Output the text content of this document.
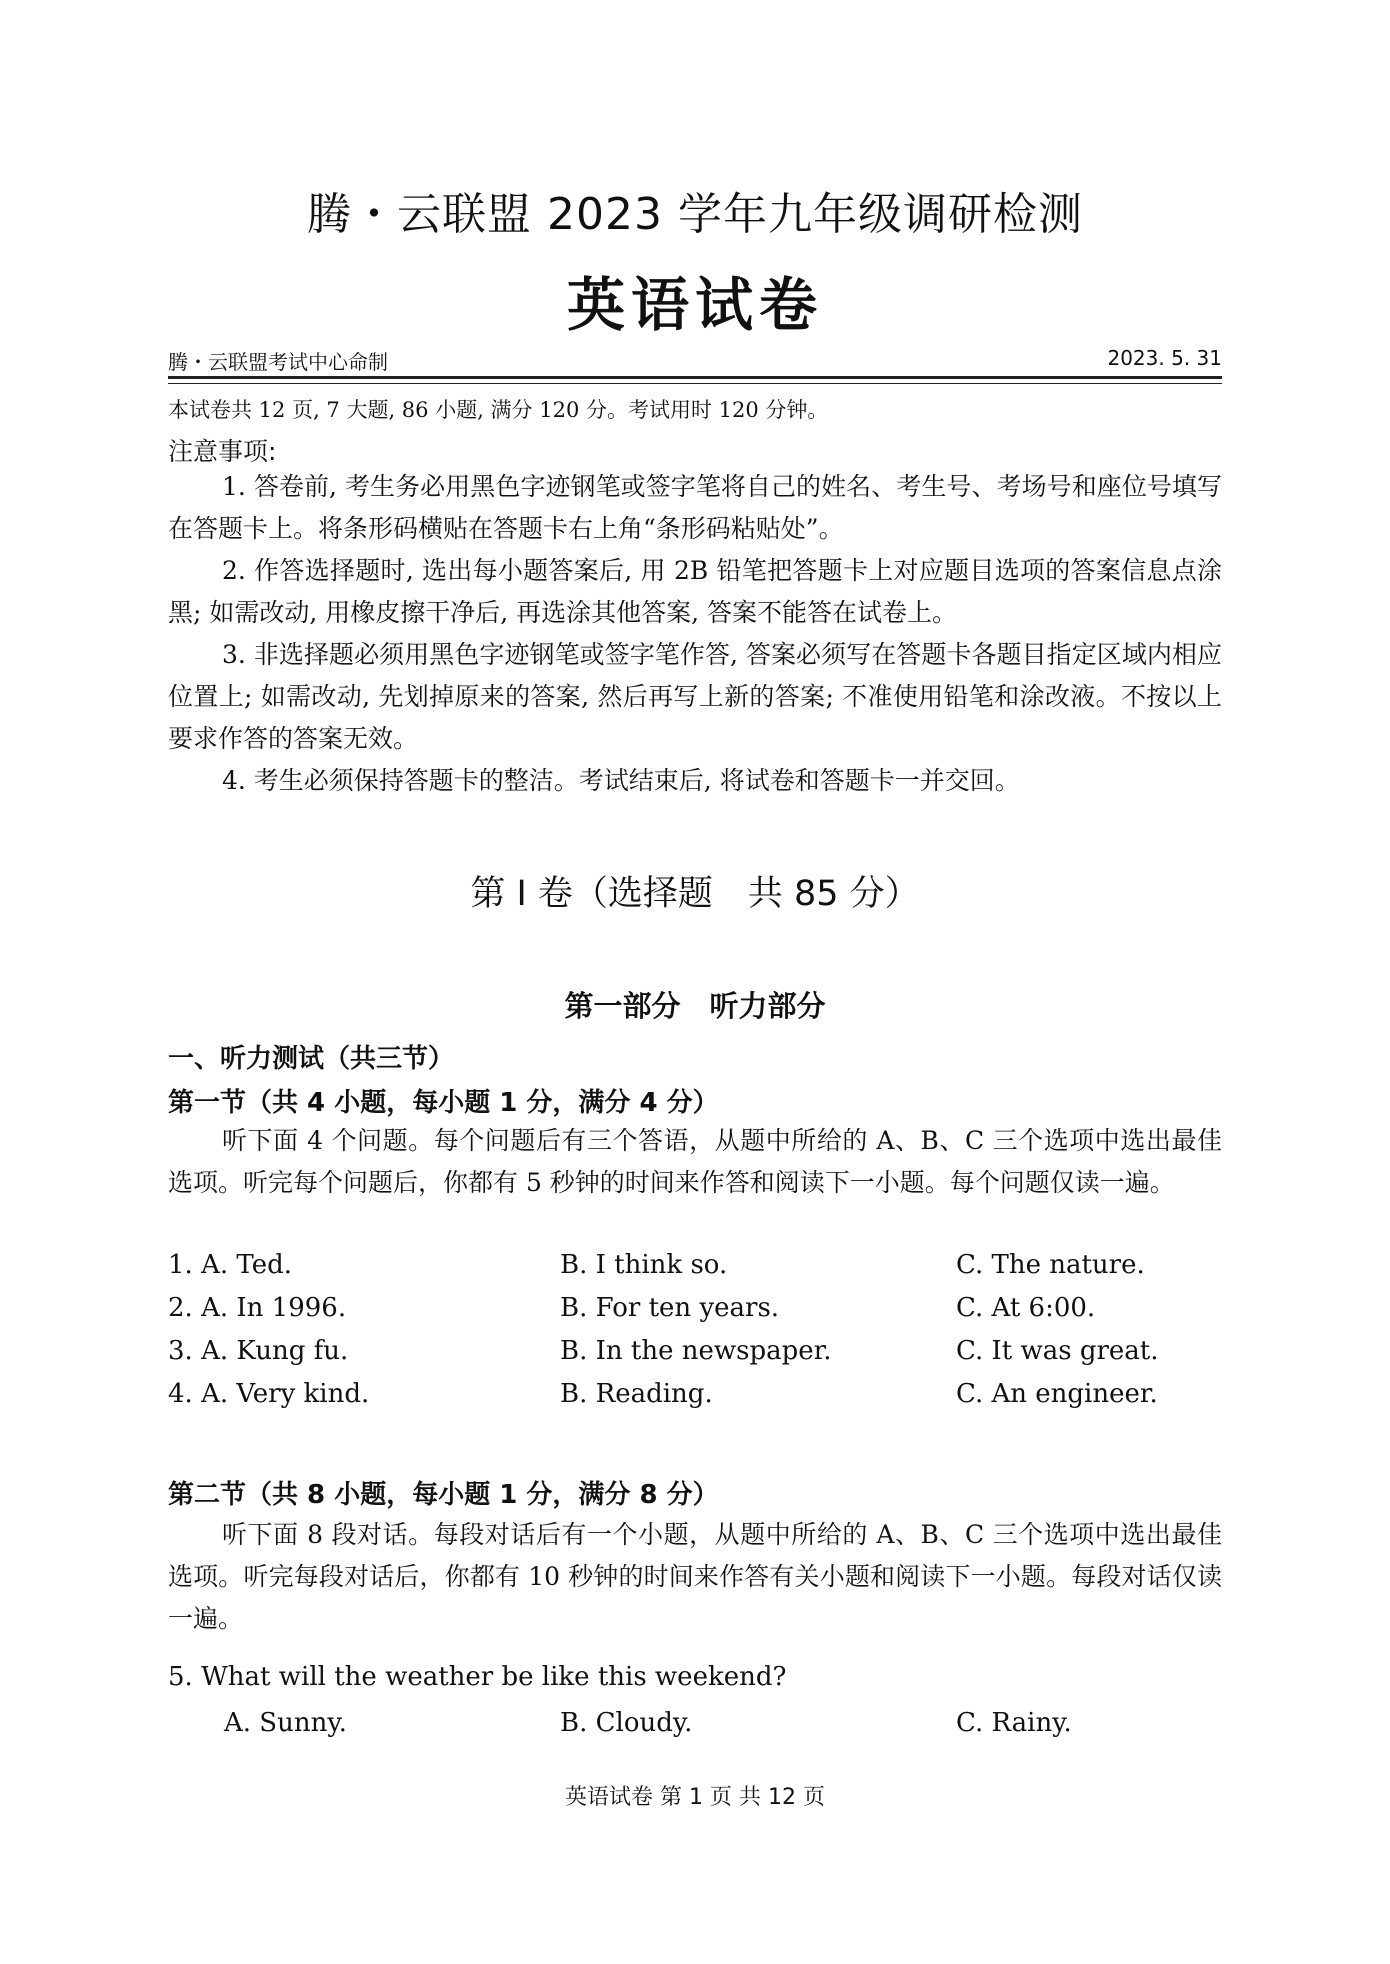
腾・云联盟 2023 学年九年级调研检测
英语试卷
腾・云联盟考试中心命制	2023. 5. 31
本试卷共 12 页, 7 大题, 86 小题, 满分 120 分。考试用时 120 分钟。
注意事项:
1. 答卷前, 考生务必用黑色字迹钢笔或签字笔将自己的姓名、考生号、考场号和座位号填写在答题卡上。将条形码横贴在答题卡右上角“条形码粘贴处”。
2. 作答选择题时, 选出每小题答案后, 用 2B 铅笔把答题卡上对应题目选项的答案信息点涂黑; 如需改动, 用橡皮擦干净后, 再选涂其他答案, 答案不能答在试卷上。
3. 非选择题必须用黑色字迹钢笔或签字笔作答, 答案必须写在答题卡各题目指定区域内相应位置上; 如需改动, 先划掉原来的答案, 然后再写上新的答案; 不准使用铅笔和涂改液。不按以上要求作答的答案无效。
4. 考生必须保持答题卡的整洁。考试结束后, 将试卷和答题卡一并交回。
第 I 卷（选择题　共 85 分）
第一部分　听力部分
一、听力测试（共三节）
第一节（共 4 小题，每小题 1 分，满分 4 分）
听下面 4 个问题。每个问题后有三个答语，从题中所给的 A、B、C 三个选项中选出最佳选项。听完每个问题后，你都有 5 秒钟的时间来作答和阅读下一小题。每个问题仅读一遍。
1. A. Ted.	B. I think so.	C. The nature.
2. A. In 1996.	B. For ten years.	C. At 6:00.
3. A. Kung fu.	B. In the newspaper.	C. It was great.
4. A. Very kind.	B. Reading.	C. An engineer.
第二节（共 8 小题，每小题 1 分，满分 8 分）
听下面 8 段对话。每段对话后有一个小题，从题中所给的 A、B、C 三个选项中选出最佳选项。听完每段对话后，你都有 10 秒钟的时间来作答有关小题和阅读下一小题。每段对话仅读一遍。
5. What will the weather be like this weekend?
A. Sunny.	B. Cloudy.	C. Rainy.
英语试卷 第 1 页 共 12 页
